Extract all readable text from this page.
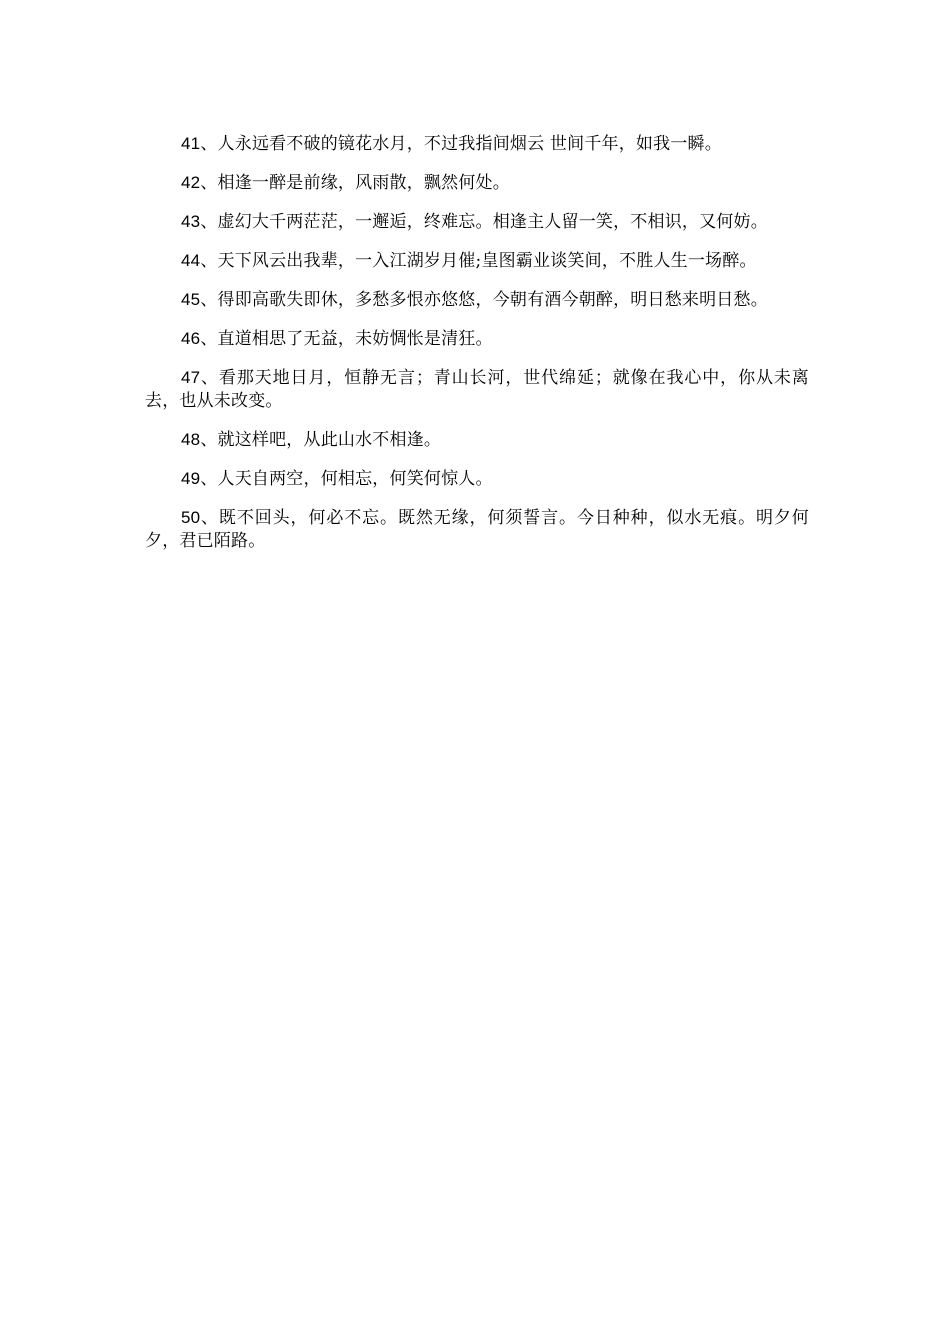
41、人永远看不破的镜花水月，不过我指间烟云 世间千年，如我一瞬。

42、相逢一醉是前缘，风雨散，飘然何处。

43、虚幻大千两茫茫，一邂逅，终难忘。相逢主人留一笑，不相识，又何妨。

44、天下风云出我辈，一入江湖岁月催;皇图霸业谈笑间，不胜人生一场醉。

45、得即高歌失即休，多愁多恨亦悠悠，今朝有酒今朝醉，明日愁来明日愁。

46、直道相思了无益，未妨惆怅是清狂。

47、看那天地日月，恒静无言；青山长河，世代绵延；就像在我心中，你从未离去，也从未改变。

48、就这样吧，从此山水不相逢。

49、人天自两空，何相忘，何笑何惊人。

50、既不回头，何必不忘。既然无缘，何须誓言。今日种种，似水无痕。明夕何夕，君已陌路。
